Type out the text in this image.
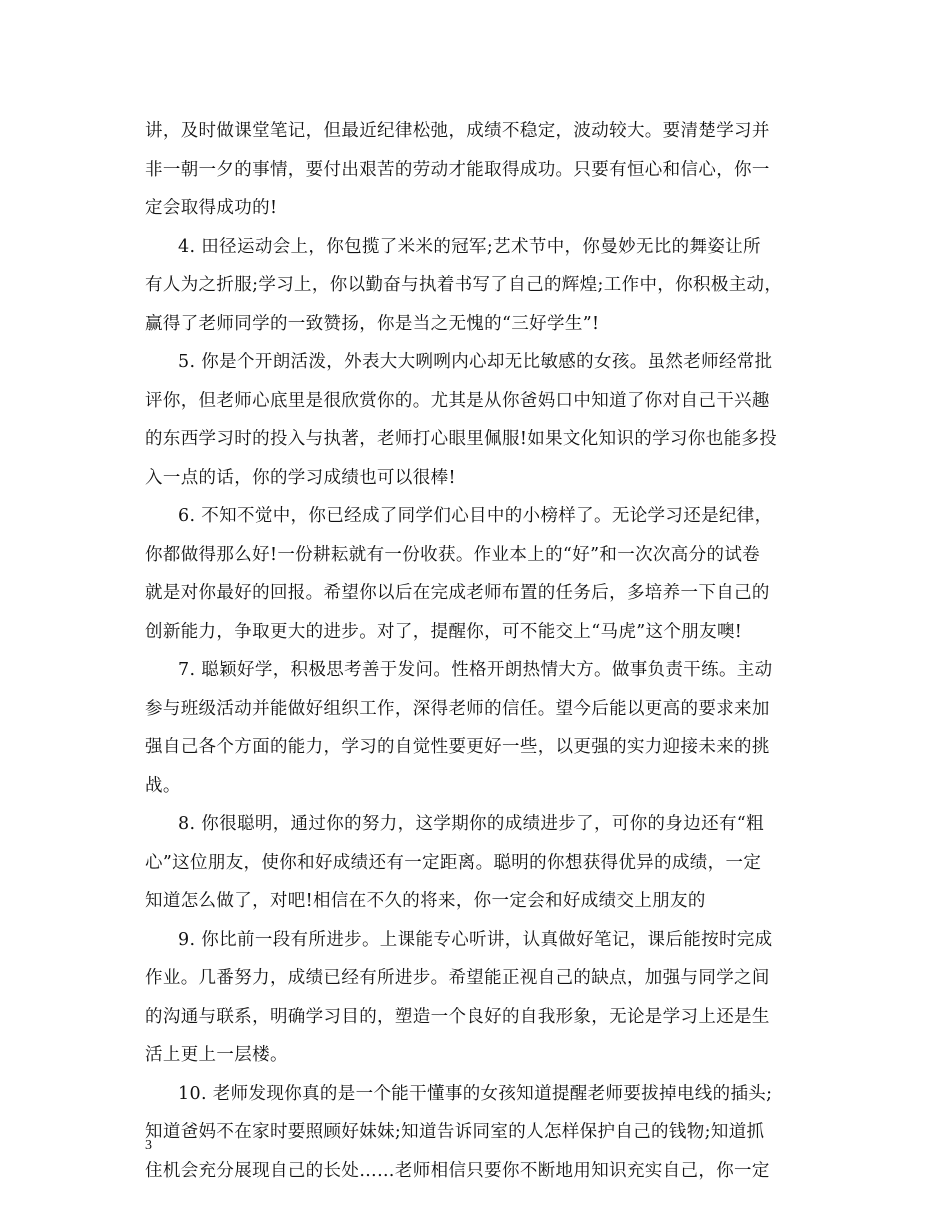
讲，及时做课堂笔记，但最近纪律松弛，成绩不稳定，波动较大。要清楚学习并
非一朝一夕的事情，要付出艰苦的劳动才能取得成功。只要有恒心和信心，你一
定会取得成功的!
4. 田径运动会上，你包揽了米米的冠军;艺术节中，你曼妙无比的舞姿让所
有人为之折服;学习上，你以勤奋与执着书写了自己的辉煌;工作中，你积极主动，
赢得了老师同学的一致赞扬，你是当之无愧的“三好学生”!
5. 你是个开朗活泼，外表大大咧咧内心却无比敏感的女孩。虽然老师经常批
评你，但老师心底里是很欣赏你的。尤其是从你爸妈口中知道了你对自己干兴趣
的东西学习时的投入与执著，老师打心眼里佩服!如果文化知识的学习你也能多投
入一点的话，你的学习成绩也可以很棒!
6. 不知不觉中，你已经成了同学们心目中的小榜样了。无论学习还是纪律，
你都做得那么好!一份耕耘就有一份收获。作业本上的“好”和一次次高分的试卷
就是对你最好的回报。希望你以后在完成老师布置的任务后，多培养一下自己的
创新能力，争取更大的进步。对了，提醒你，可不能交上“马虎”这个朋友噢!
7. 聪颖好学，积极思考善于发问。性格开朗热情大方。做事负责干练。主动
参与班级活动并能做好组织工作，深得老师的信任。望今后能以更高的要求来加
强自己各个方面的能力，学习的自觉性要更好一些，以更强的实力迎接未来的挑
战。
8. 你很聪明，通过你的努力，这学期你的成绩进步了，可你的身边还有“粗
心”这位朋友，使你和好成绩还有一定距离。聪明的你想获得优异的成绩，一定
知道怎么做了，对吧!相信在不久的将来，你一定会和好成绩交上朋友的
9. 你比前一段有所进步。上课能专心听讲，认真做好笔记，课后能按时完成
作业。几番努力，成绩已经有所进步。希望能正视自己的缺点，加强与同学之间
的沟通与联系，明确学习目的，塑造一个良好的自我形象，无论是学习上还是生
活上更上一层楼。
10. 老师发现你真的是一个能干懂事的女孩知道提醒老师要拔掉电线的插头;
知道爸妈不在家时要照顾好妹妹;知道告诉同室的人怎样保护自己的钱物;知道抓
住机会充分展现自己的长处……老师相信只要你不断地用知识充实自己，你一定
3
